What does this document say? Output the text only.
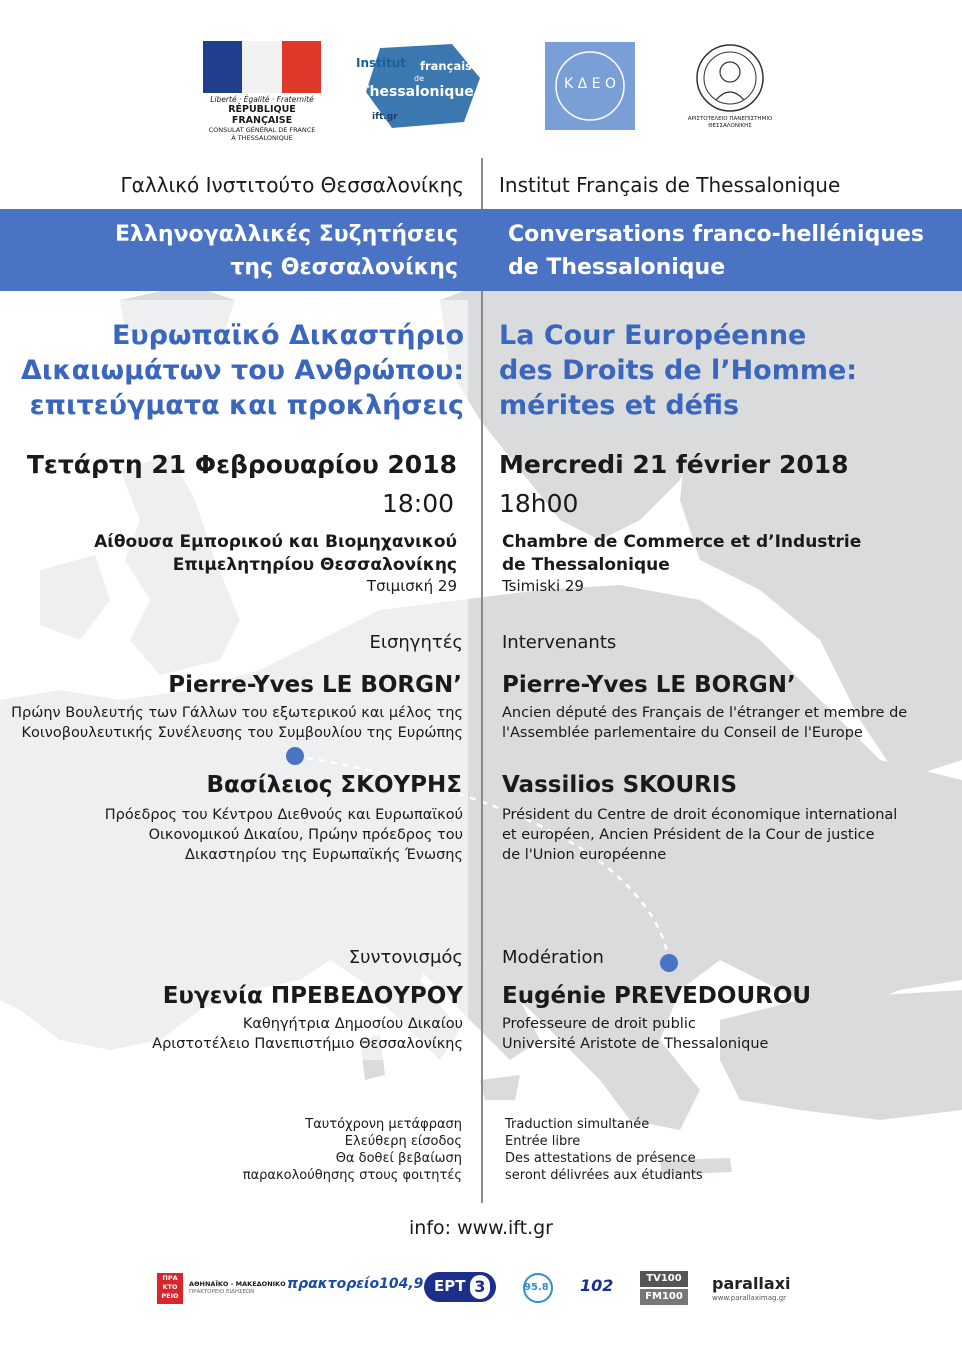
Liberté · Égalité · Fraternité
RÉPUBLIQUE FRANÇAISE
CONSULAT GÉNÉRAL DE FRANCE
À THESSALONIQUE
Institut français
de
Thessalonique
ift.gr
Κ Δ Ε Ο
ΑΡΙΣΤΟΤΕΛΕΙΟ ΠΑΝΕΠΙΣΤΗΜΙΟ
ΘΕΣΣΑΛΟΝΙΚΗΣ
Γαλλικό Ινστιτούτο Θεσσαλονίκης
Ελληνογαλλικές Συζητήσεις
της Θεσσαλονίκης
Ευρωπαϊκό Δικαστήριο
Δικαιωμάτων του Ανθρώπου:
επιτεύγματα και προκλήσεις
Τετάρτη 21 Φεβρουαρίου 2018
18:00
Αίθουσα Εμπορικού και Βιομηχανικού
Επιμελητηρίου Θεσσαλονίκης
Τσιμισκή 29
Εισηγητές
Pierre-Yves LE BORGN’
Πρώην Βουλευτής των Γάλλων του εξωτερικού και μέλος της
Κοινοβουλευτικής Συνέλευσης του Συμβουλίου της Ευρώπης
Βασίλειος ΣΚΟΥΡΗΣ
Πρόεδρος του Κέντρου Διεθνούς και Ευρωπαϊκού
Οικονομικού Δικαίου, Πρώην πρόεδρος του
Δικαστηρίου της Ευρωπαϊκής Ένωσης
Συντονισμός
Ευγενία ΠΡΕΒΕΔΟΥΡΟΥ
Καθηγήτρια Δημοσίου Δικαίου
Αριστοτέλειο Πανεπιστήμιο Θεσσαλονίκης
Ταυτόχρονη μετάφραση
Ελεύθερη είσοδος
Θα δοθεί βεβαίωση
παρακολούθησης στους φοιτητές
Institut Français de Thessalonique
Conversations franco-helléniques
de Thessalonique
La Cour Européenne
des Droits de l’Homme:
mérites et défis
Mercredi 21 février 2018
18h00
Chambre de Commerce et d’Industrie
de Thessalonique
Tsimiski 29
Intervenants
Pierre-Yves LE BORGN’
Ancien député des Français de l'étranger et membre de
l'Assemblée parlementaire du Conseil de l'Europe
Vassilios SKOURIS
Président du Centre de droit économique international
et européen, Ancien Président de la Cour de justice
de l'Union européenne
Modération
Eugénie PREVEDOUROU
Professeure de droit public
Université Aristote de Thessalonique
Traduction simultanée
Entrée libre
Des attestations de présence
seront délivrées aux étudiants
info: www.ift.gr
ΠΡΑ ΚΤΟ ΡΕΙΟ
ΑΘΗΝΑΪΚΟ - ΜΑΚΕΔΟΝΙΚΟ
ΠΡΑΚΤΟΡΕΙΟ ΕΙΔΗΣΕΩΝ πρακτορείο104,9 ΕΡΤ 3	95.8 102	TV100
FM100
parallaxi
www.parallaximag.gr
